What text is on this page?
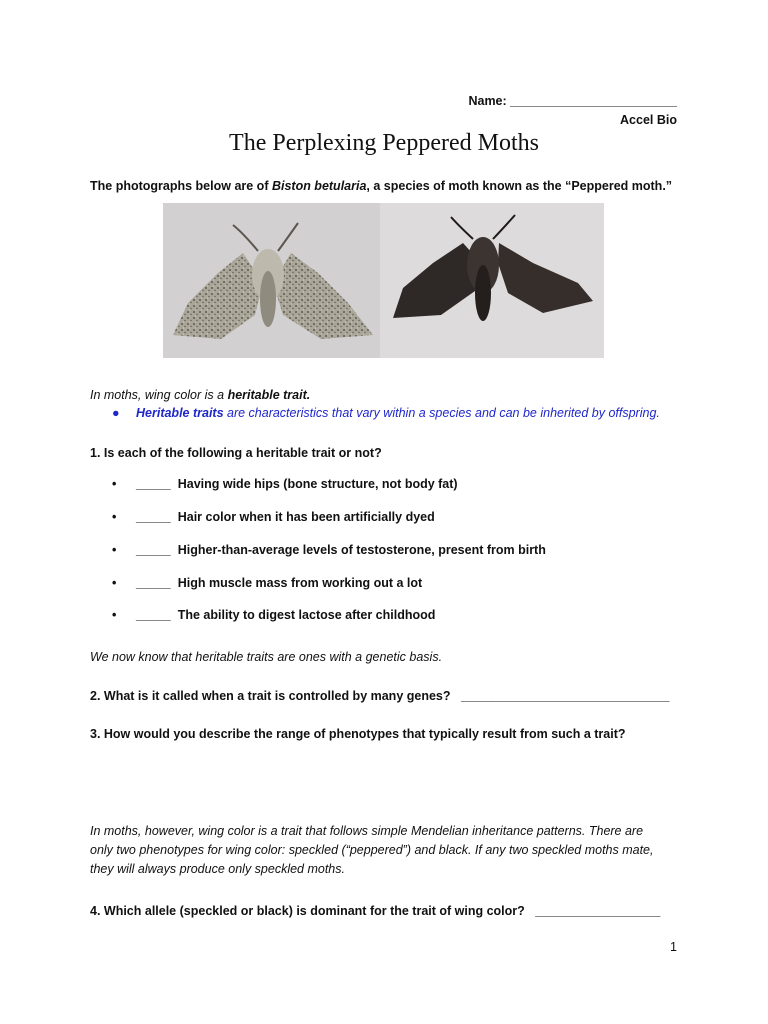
Name: ________________________
Accel Bio
The Perplexing Peppered Moths
The photographs below are of Biston betularia, a species of moth known as the “Peppered moth.”
In moths, wing color is a heritable trait.
● Heritable traits are characteristics that vary within a species and can be inherited by offspring.
1. Is each of the following a heritable trait or not?
• _____ Having wide hips (bone structure, not body fat)
• _____ Hair color when it has been artificially dyed
• _____ Higher-than-average levels of testosterone, present from birth
• _____ High muscle mass from working out a lot
• _____ The ability to digest lactose after childhood
We now know that heritable traits are ones with a genetic basis.
2. What is it called when a trait is controlled by many genes? ______________________________
3. How would you describe the range of phenotypes that typically result from such a trait?
In moths, however, wing color is a trait that follows simple Mendelian inheritance patterns. There are
only two phenotypes for wing color: speckled (“peppered”) and black. If any two speckled moths mate,
they will always produce only speckled moths.
4. Which allele (speckled or black) is dominant for the trait of wing color? __________________
1
